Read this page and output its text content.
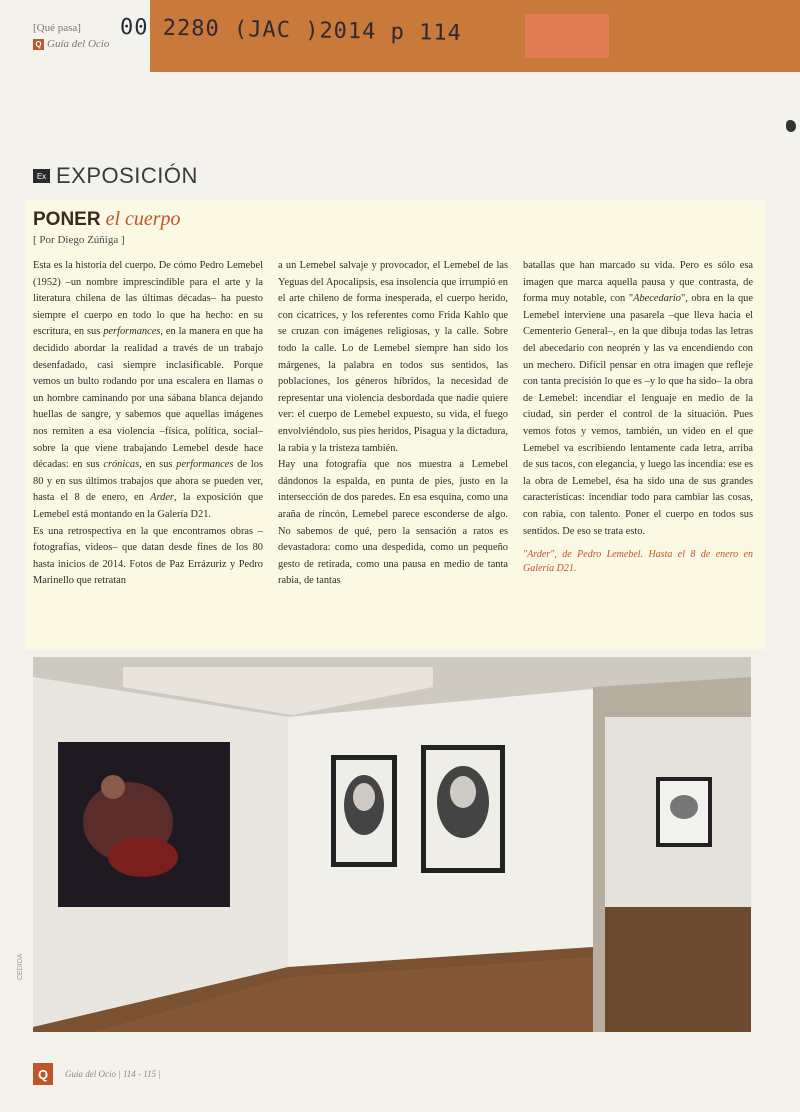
00 2280 (JAC )2014 p 114
[Qué pasa]
Q Guía del Ocio
Ex EXPOSICIÓN
PONER el cuerpo
[ Por Diego Zúñiga ]

Esta es la historia del cuerpo. De cómo Pedro Lemebel (1952) –un nombre imprescindible para el arte y la literatura chilena de las últimas décadas– ha puesto siempre el cuerpo en todo lo que ha hecho: en su escritura, en sus performances, en la manera en que ha decidido abordar la realidad a través de un trabajo desenfadado, casi siempre inclasificable. Porque vemos un bulto rodando por una escalera en llamas o un hombre caminando por una sábana blanca dejando huellas de sangre, y sabemos que aquellas imágenes nos remiten a esa violencia –física, política, social– sobre la que viene trabajando Lemebel desde hace décadas: en sus crónicas, en sus performances de los 80 y en sus últimos trabajos que ahora se pueden ver, hasta el 8 de enero, en Arder, la exposición que Lemebel está montando en la Galería D21.

Es una retrospectiva en la que encontramos obras –fotografías, videos– que datan desde fines de los 80 hasta inicios de 2014. Fotos de Paz Errázuriz y Pedro Marinello que retratan

a un Lemebel salvaje y provocador, el Lemebel de las Yeguas del Apocalipsis, esa insolencia que irrumpió en el arte chileno de forma inesperada, el cuerpo herido, con cicatrices, y los referentes como Frida Kahlo que se cruzan con imágenes religiosas, y la calle. Sobre todo la calle. Lo de Lemebel siempre han sido los márgenes, la palabra en todos sus sentidos, las poblaciones, los géneros híbridos, la necesidad de representar una violencia desbordada que nadie quiere ver: el cuerpo de Lemebel expuesto, su vida, el fuego envolviéndolo, sus pies heridos, Pisagua y la dictadura, la rabia y la tristeza también.

Hay una fotografía que nos muestra a Lemebel dándonos la espalda, en punta de pies, justo en la intersección de dos paredes. En esa esquina, como una araña de rincón, Lemebel parece esconderse de algo. No sabemos de qué, pero la sensación a ratos es devastadora: como una despedida, como un pequeño gesto de retirada, como una pausa en medio de tanta rabia, de tantas

batallas que han marcado su vida. Pero es sólo esa imagen que marca aquella pausa y que contrasta, de forma muy notable, con "Abecedario", obra en la que Lemebel interviene una pasarela –que lleva hacia el Cementerio General–, en la que dibuja todas las letras del abecedario con neoprén y las va encendiendo con un mechero. Difícil pensar en otra imagen que refleje con tanta precisión lo que es –y lo que ha sido– la obra de Lemebel: incendiar el lenguaje en medio de la ciudad, sin perder el control de la situación. Pues vemos fotos y vemos, también, un video en el que Lemebel va escribiendo lentamente cada letra, arriba de sus tacos, con elegancia, y luego las incendia: ese es la obra de Lemebel, ésa ha sido una de sus grandes características: incendiar todo para cambiar las cosas, con rabia, con talento. Poner el cuerpo en todos sus sentidos. De eso se trata esto.

"Arder", de Pedro Lemebel. Hasta el 8 de enero en Galería D21.

CEDIDA
Q	Guía del Ocio | 114 - 115 |
